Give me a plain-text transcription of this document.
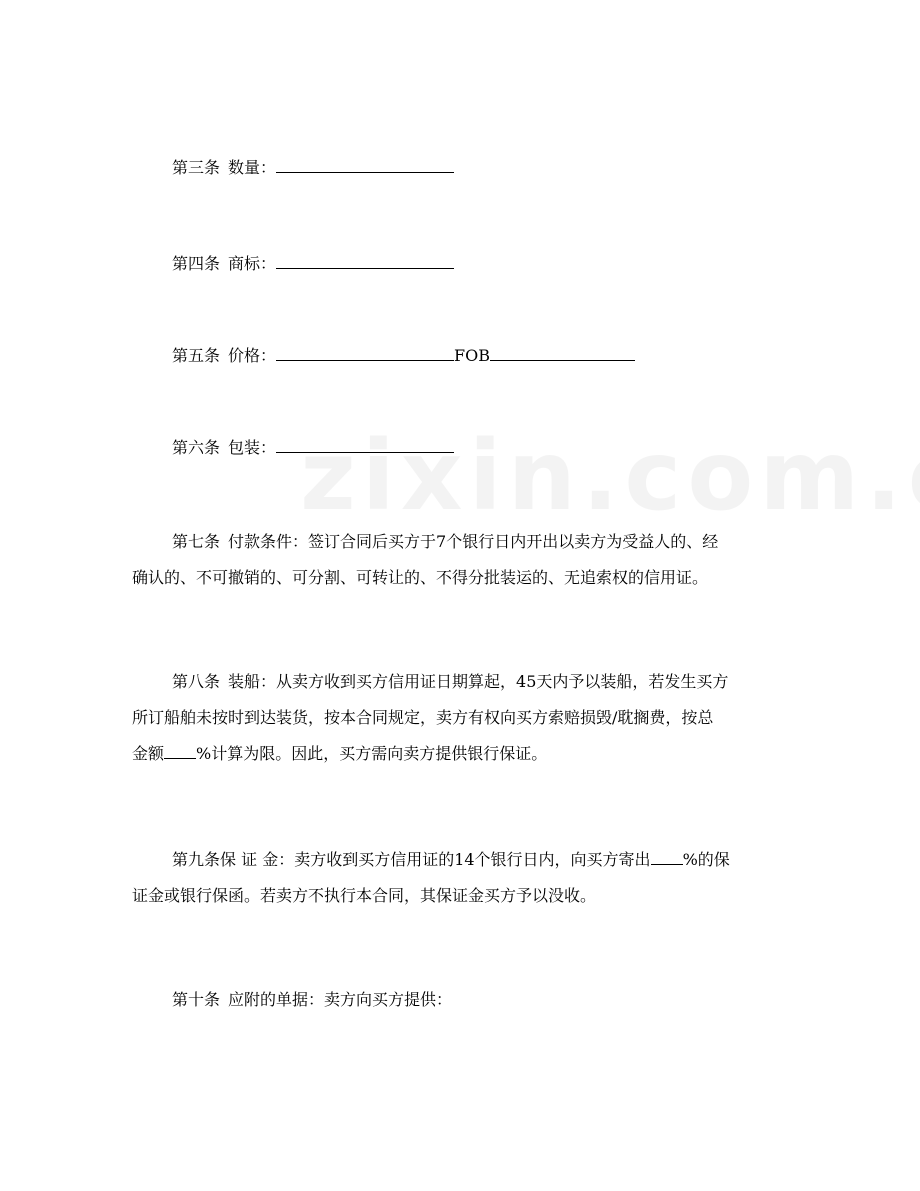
第三条 数量：

第四条 商标：

第五条 价格：	FOB

第六条 包装：

第七条 付款条件：签订合同后买方于7个银行日内开出以卖方为受益人的、经
确认的、不可撤销的、可分割、可转让的、不得分批装运的、无追索权的信用证。

第八条 装船：从卖方收到买方信用证日期算起，45天内予以装船，若发生买方
所订船舶未按时到达装货，按本合同规定，卖方有权向买方索赔损毁/耽搁费，按总
金额 %计算为限。因此，买方需向卖方提供银行保证。

第九条保 证 金：卖方收到买方信用证的14个银行日内，向买方寄出 %的保
证金或银行保函。若卖方不执行本合同，其保证金买方予以没收。

第十条 应附的单据：卖方向买方提供：
